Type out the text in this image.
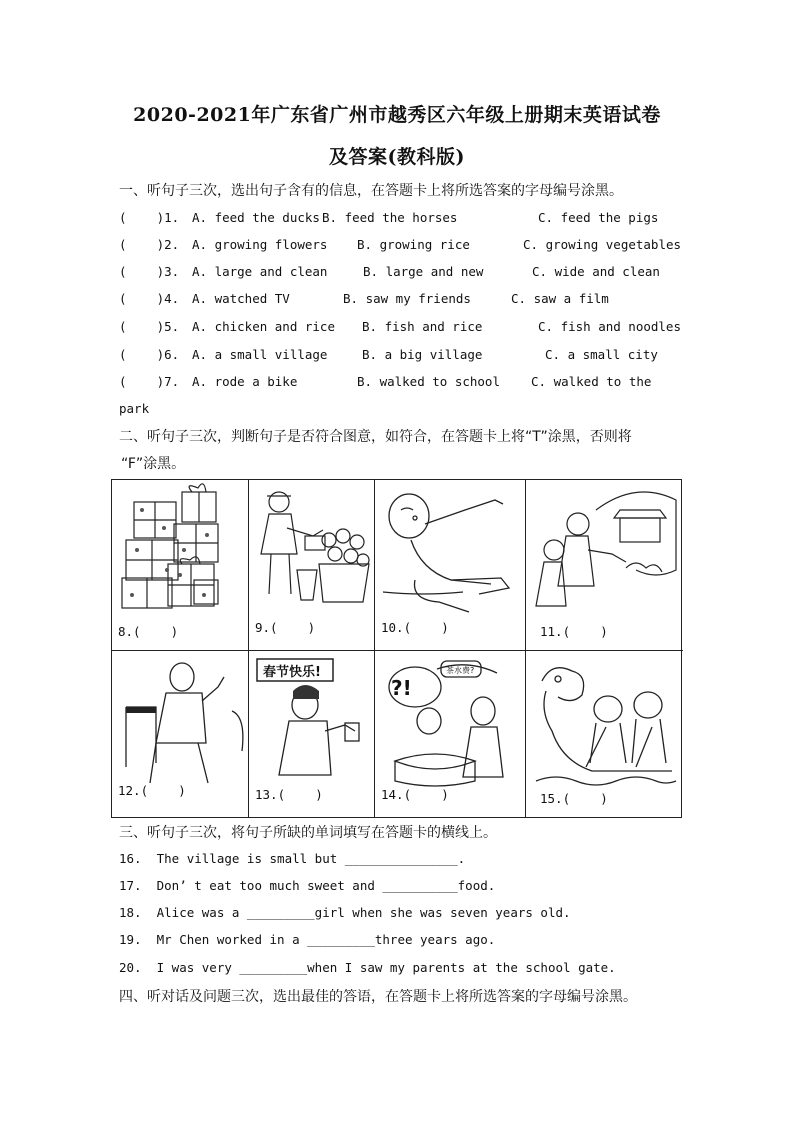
2020-2021年广东省广州市越秀区六年级上册期末英语试卷
及答案(教科版)
一、听句子三次，选出句子含有的信息，在答题卡上将所选答案的字母编号涂黑。
(    )1. A. feed the ducks B. feed the horses	C. feed the pigs
(    )2. A. growing flowers B. growing rice	C. growing vegetables
(    )3. A. large and clean	B. large and new	C. wide and clean
(    )4. A. watched TV	B. saw my friends	C. saw a film
(    )5. A. chicken and rice B. fish and rice	C. fish and noodles
(    )6. A. a small village	B. a big village	C. a small city
(    )7. A. rode a bike	B. walked to school C. walked to the
park
二、听句子三次，判断句子是否符合图意，如符合，在答题卡上将“T”涂黑，否则将
“F”涂黑。
8.(    )	9.(    )	10.(    )	11.(    )
12.(    )
春节快乐!
13.(    )
?!
茶水费?
14.(    )	15.(    )
三、听句子三次，将句子所缺的单词填写在答题卡的横线上。
16.  The village is small but _______________.
17.  Don’ t eat too much sweet and __________food.
18.  Alice was a _________girl when she was seven years old.
19.  Mr Chen worked in a _________three years ago.
20.  I was very _________when I saw my parents at the school gate.
四、听对话及问题三次，选出最佳的答语，在答题卡上将所选答案的字母编号涂黑。
